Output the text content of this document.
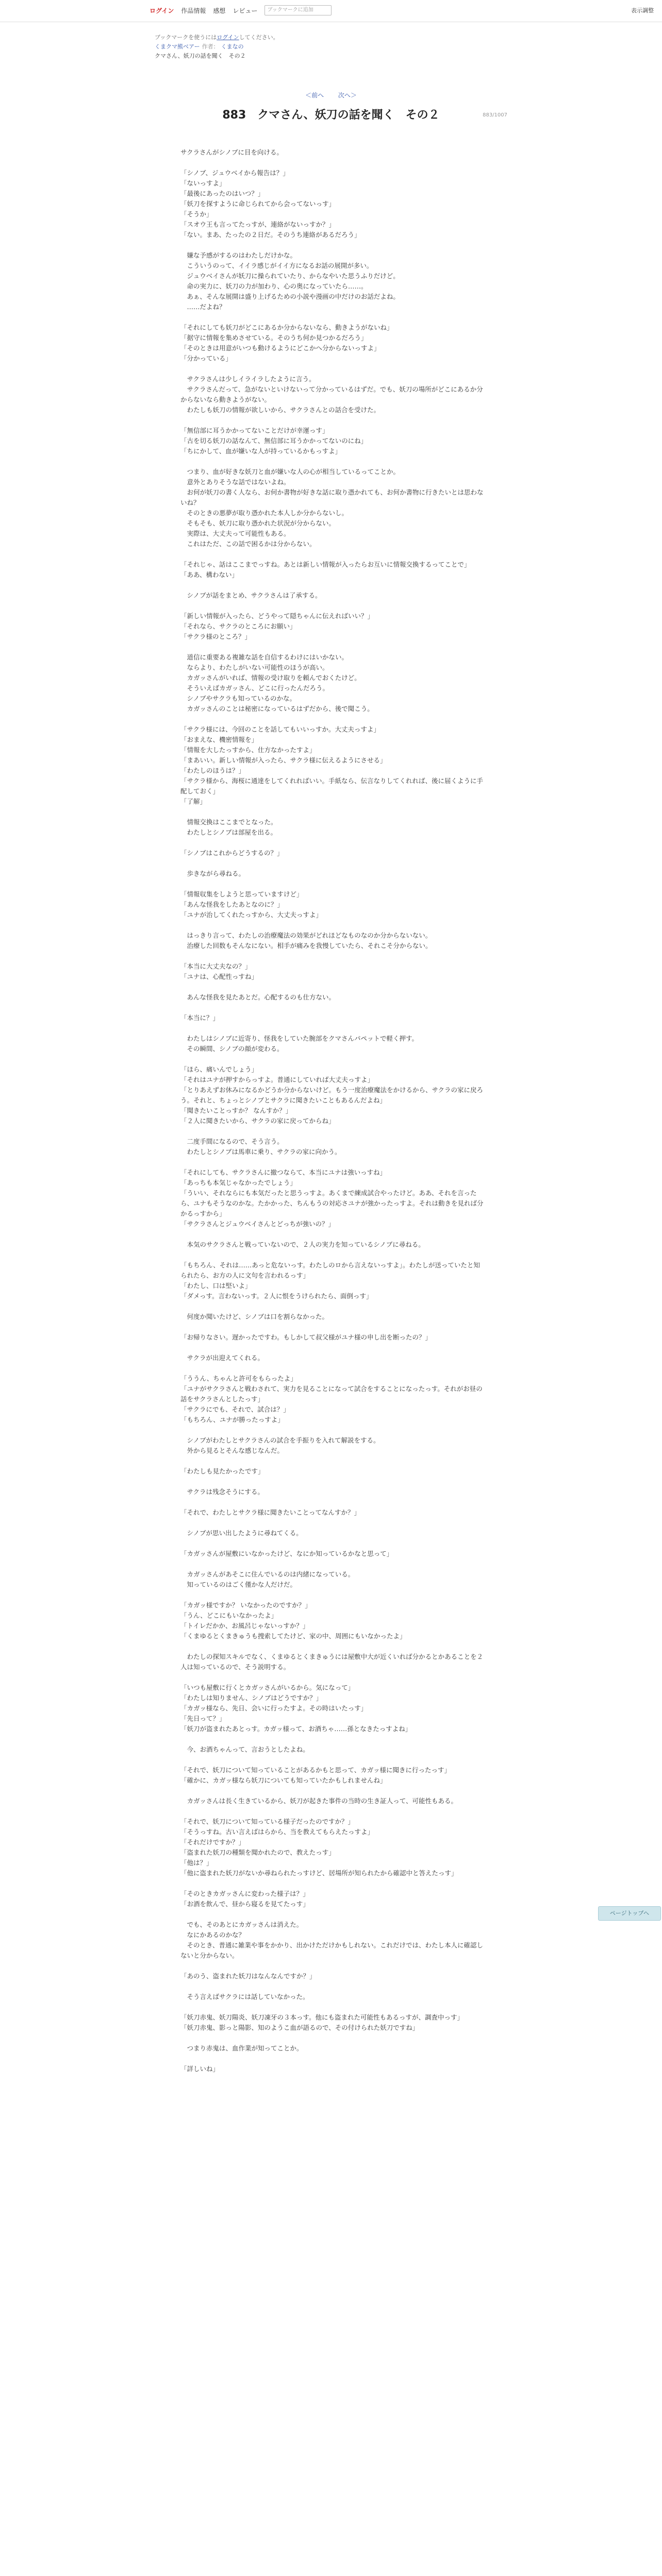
ログイン 作品情報 感想 レビュー	ブックマークに追加	表示調整
ブックマークを使うにはログインしてください。
くまクマ熊ベアー 作者： くまなの
クマさん、妖刀の話を聞く　その２
＜前へ 次へ＞
883　クマさん、妖刀の話を聞く　その２	883/1007

サクラさんがシノブに目を向ける。

「シノブ、ジュウベイから報告は？」

「ないっすよ」

「最後にあったのはいつ？」

「妖刀を探すように命じられてから会ってないっす」

「そうか」

「スオウ王も言ってたっすが、連絡がないっすか？」

「ない。まあ、たったの２日だ。そのうち連絡があるだろう」

　嫌な予感がするのはわたしだけかな。

　こういうのって、イイラ感じがイイ方になるお話の展開が多い。

　ジュウベイさんが妖刀に操られていたり、からなやいた思うふりだけど。

　命の実力に、妖刀の力が加わり、心の奥になっていたら……。

　あぁ、そんな展開は盛り上げるための小説や漫画の中だけのお話だよね。

　……だよね？

「それにしても妖刀がどこにあるか分からないなら、動きようがないね」

「据守に情報を集めさせている。そのうち何か見つかるだろう」

「そのときは用意がいつも動けるようにどこかへ分からないっすよ」

「分かっている」

　サクラさんは少しイライラしたように言う。

　サクラさんだって、急がないといけないって分かっているはずだ。でも、妖刀の場所がどこにあるか分からないなら動きようがない。

　わたしも妖刀の情報が欲しいから、サクラさんとの話合を受けた。

「無信部に耳うかかってないことだけが幸運っす」

「古を切る妖刀の話なんて、無信部に耳うかかってないのにね」

「ちにかして、血が嫌いな人が持っているかもっすよ」

　つまり、血が好きな妖刀と血が嫌いな人の心が相当しているってことか。

　意外とありそうな話ではないよね。

　お何が妖刀の書く人なら、お何か書物が好きな話に取り憑かれても、お何か書物に行きたいとは思わないね？

　そのときの悪夢が取り憑かれた本人しか分からないし。

　そもそも、妖刀に取り憑かれた状況が分からない。

　実際は、大丈夫って可能性もある。

　これはただ、この話で困るかは分からない。

「それじゃ、話はここまでっすね。あとは新しい情報が入ったらお互いに情報交換するってことで」

「ああ、構わない」

　シノブが話をまとめ、サクラさんは了承する。

「新しい情報が入ったら、どうやって隠ちゃんに伝えればいい？」

「それなら、サクラのところにお願い」

「サクラ様のところ？」

　道信に重要ある複雑な話を自信するわけにはいかない。

　ならより、わたしがいない可能性のほうが高い。

　カガッさんがいれば、情報の受け取りを頼んでおくたけど。

　そういえばカガッさん、どこに行ったんだろう。

　シノブやサクラも知っているのかな。

　カガッさんのことは秘密になっているはずだから、後で聞こう。

「サクラ様には、今回のことを話してもいいっすか。大丈夫っすよ」

「おまえな、機密情報を」

「情報を大したっすから、仕方なかったすよ」

「まあいい。新しい情報が入ったら、サクラ様に伝えるようにさせる」

「わたしのほうは？」

「サクラ様から、海桜に通達をしてくれればいい。手紙なら、伝言なりしてくれれば、後に届くように手配しておく」

「了解」

　情報交換はここまでとなった。

　わたしとシノブは部屋を出る。

「シノブはこれからどうするの？」

　歩きながら尋ねる。

「情報収集をしようと思っていますけど」

「あんな怪我をしたあとなのに？」

「ユナが治してくれたっすから、大丈夫っすよ」

　はっきり言って、わたしの治療魔法の効果がどれほどなものなのか分からないない。

　治療した回数もそんなにない。相手が痛みを我慢していたら、それこそ分からない。

「本当に大丈夫なの？」

「ユナは、心配性っすね」

　あんな怪我を見たあとだ。心配するのも仕方ない。

「本当に？」

　わたしはシノブに近寄り、怪我をしていた腕部をクマさんパペットで軽く押す。

　その瞬間、シノブの顔が変わる。

「ほら、痛いんでしょう」

「それはユナが押すからっすよ。普通にしていれば大丈夫っすよ」

「とりあえずお休みになるかどうか分からないけど。もう一度治療魔法をかけるから、サクラの家に戻ろう。それと、ちょっとシノブとサクラに聞きたいこともあるんだよね」

「聞きたいことっすか？ なんすか？」

「２人に聞きたいから、サクラの家に戻ってからね」

　二度手間になるので、そう言う。

　わたしとシノブは馬車に乗り、サクラの家に向かう。

「それにしても、サクラさんに撤つならて、本当にユナは強いっすね」

「あっちも本気じゃなかったでしょう」

「ういい、それならにも本気だったと思うっすよ。あくまで練成試合やったけど。ああ、それを言ったら、ユナもそうなのかな。たかかった、ちんもうの対応さユナが強かったっすよ。それは動きを見れば分かるっすから」

「サクラさんとジュウベイさんとどっちが強いの？」

　本気のサクラさんと戦っていないので、２人の実力を知っているシノブに尋ねる。

「もちろん、それは……あっと危ないっす。わたしのロから言えないっすよ」。わたしが送っていたと知られたら、お方の人に文句を言われるっす」

「わたし、口は堅いよ」

「ダメっす。言わないっす。２人に恨をうけられたら、面倒っす」

　何度か聞いたけど、シノブは口を割らなかった。

「お帰りなさい。遅かったですわ。もしかして叔父様がユナ様の申し出を断ったの？」

　サクラが出迎えてくれる。

「ううん、ちゃんと許可をもらったよ」

「ユナがサクラさんと戦わされて、実力を見ることになって試合をすることになったっす。それがお昼の話をサクラさんとしたっす」

「サクラにでも、それで、試合は？」

「もちろん、ユナが勝ったっすよ」

　シノブがわたしとサクラさんの試合を手振りを入れて解説をする。

　外から見るとそんな感じなんだ。

「わたしも見たかったです」

　サクラは残念そうにする。

「それで、わたしとサクラ様に聞きたいことってなんすか？」

　シノブが思い出したように尋ねてくる。

「カガッさんが屋敷にいなかったけど、なにか知っているかなと思って」

　カガッさんがあそこに住んでいるのは内緒になっている。

　知っているのはごく僅かな人だけだ。

「カガッ様ですか？ いなかったのですか？」

「うん、どこにもいなかったよ」

「トイレだかか、お風呂じゃないっすか？」

「くまゆるとくまきゅうも捜索してたけど、家の中、周囲にもいなかったよ」

　わたしの探知スキルでなく、くまゆるとくまきゅうには屋敷中大が近くいれば分かるとかあることを２人は知っているので、そう説明する。

「いつも屋敷に行くとカガッさんがいるから。気になって」

「わたしは知りません、シノブはどうですか？」

「カガッ様なら、先日、会いに行ったすよ。その時はいたっす」

「先日って？」

「妖刀が盗まれたあとっす。カガッ様って、お酒ちゃ……孫となきたっすよね」

　今、お酒ちゃんって、言おうとしたよね。

「それで、妖刀について知っていることがあるかもと思って、カガッ様に聞きに行ったっす」

「確かに、カガッ様なら妖刀についても知っていたかもしれませんね」

　カガッさんは長く生きているから、妖刀が起きた事件の当時の生き証人って、可能性もある。

「それで、妖刀について知っている様子だったのですか？」

「そうっすね。古い言えばはらから、当を教えてもらえたっすよ」

「それだけですか？」

「盗まれた妖刀の種類を聞かれたので、教えたっす」

「他は？」

「他に盗まれた妖刀がないか尋ねられたっすけど、居場所が知られたから確認中と答えたっす」

「そのときカガッさんに変わった様子は？」

「お酒を飲んで、昼から寝るを見てたっす」

　でも、そのあとにカガッさんは消えた。

　なにかあるのかな？

　そのとき、普通に雑業や事をかかり、出かけただけかもしれない。これだけでは、わたし本人に確認しないと分からない。

「あのう、盗まれた妖刀はなんなんですか？」

　そう言えばサクラには話していなかった。

「妖刀赤鬼、妖刀陽炎、妖刀凍牙の３本っす。他にも盗まれた可能性もあるっすが、調査中っす」

「妖刀赤鬼、影っと陽影、知のようこ血が語るので、その付けられた妖刀ですね」

　つまり赤鬼は、血作業が知ってことか。

「詳しいね」

ページトップへ
